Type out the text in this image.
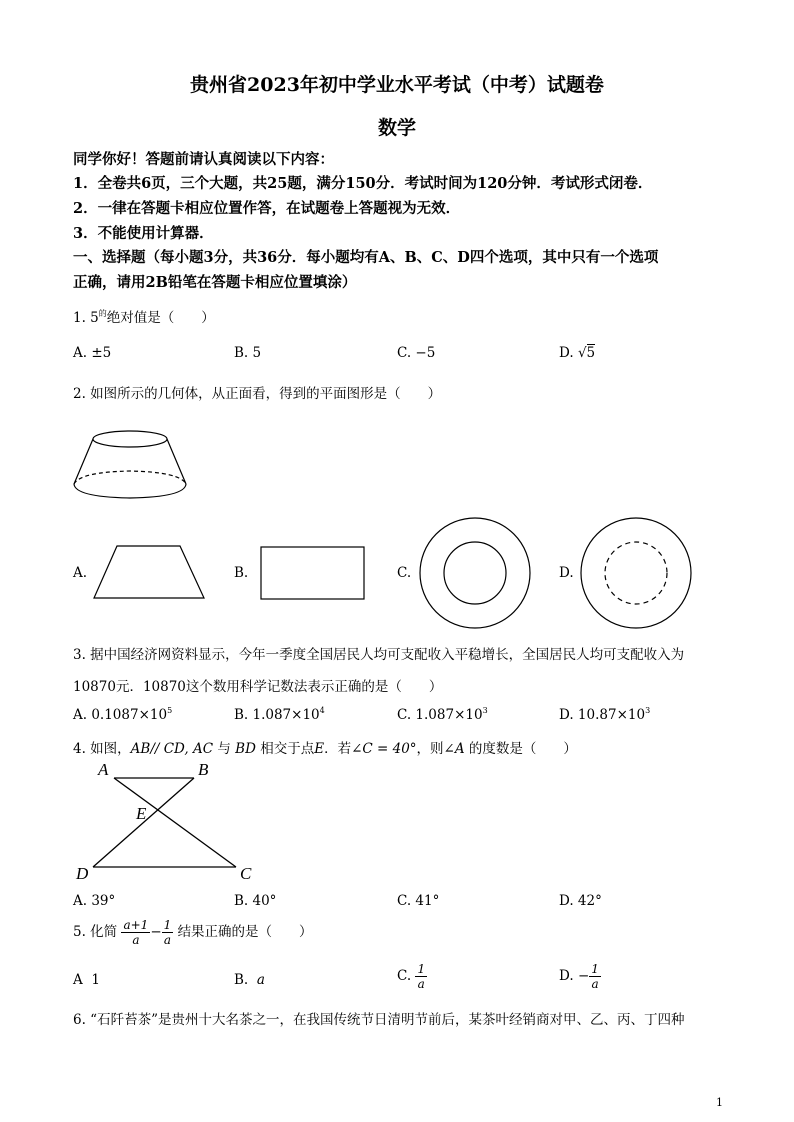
贵州省2023年初中学业水平考试（中考）试题卷
数学
同学你好！答题前请认真阅读以下内容：
1．全卷共6页，三个大题，共25题，满分150分．考试时间为120分钟．考试形式闭卷．
2．一律在答题卡相应位置作答，在试题卷上答题视为无效．
3．不能使用计算器．
一、选择题（每小题3分，共36分．每小题均有A、B、C、D四个选项，其中只有一个选项
正确，请用2B铅笔在答题卡相应位置填涂）
1. $5^的$绝对值是（　　）
A. ±5	B. 5	C. −5	D. √5
2. 如图所示的几何体，从正面看，得到的平面图形是（　　）
A.	B.	C.	D.
3. 据中国经济网资料显示，今年一季度全国居民人均可支配收入平稳增长，全国居民人均可支配收入为
10870元．10870这个数用科学记数法表示正确的是（　　）
A. $0.1087\times 10^5$	B. $1.087\times 10^4$	C. $1.087\times 10^3$	D. $10.87\times 10^3$
4. 如图，AB// CD, AC 与 BD 相交于点E．若∠C = 40°，则∠A 的度数是（　　）
A	B
E
D	C
A. 39°	B. 40°	C. 41°	D. 42°
5. 化简 $\frac{a+1}{a} - \frac{1}{a}$ 结果正确的是（　　）
A 1	B. a	C. $\frac{1}{a}$	D. − $\frac{1}{a}$
6. “石阡苔茶”是贵州十大名茶之一，在我国传统节日清明节前后，某茶叶经销商对甲、乙、丙、丁四种
1
